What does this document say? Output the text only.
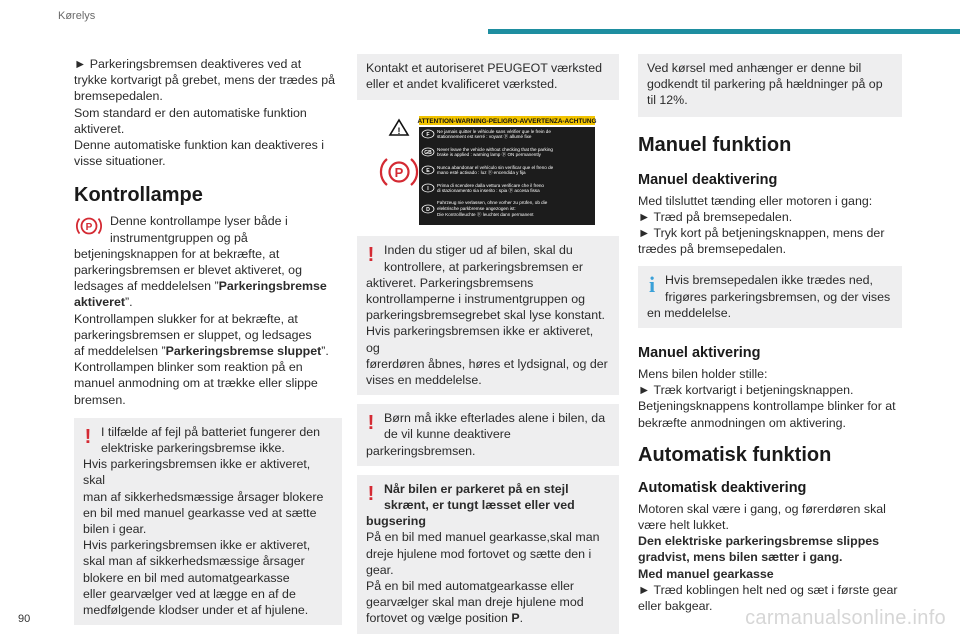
Kørelys

► Parkeringsbremsen deaktiveres ved at

trykke kortvarigt på grebet, mens der trædes på

bremsepedalen.

Som standard er den automatiske funktion

aktiveret.

Denne automatiske funktion kan deaktiveres i

visse situationer.

Kontrollampe
P Denne kontrollampe lyser både i

instrumentgruppen og på

betjeningsknappen for at bekræfte, at

parkeringsbremsen er blevet aktiveret, og

ledsages af meddelelsen ”Parkeringsbremse

aktiveret”.

Kontrollampen slukker for at bekræfte, at

parkeringsbremsen er sluppet, og ledsages

af meddelelsen ”Parkeringsbremse sluppet”.

Kontrollampen blinker som reaktion på en

manuel anmodning om at trække eller slippe

bremsen.

! I tilfælde af fejl på batteriet fungerer den

elektriske parkeringsbremse ikke.

Hvis parkeringsbremsen ikke er aktiveret, skal

man af sikkerhedsmæssige årsager blokere

en bil med manuel gearkasse ved at sætte

bilen i gear.

Hvis parkeringsbremsen ikke er aktiveret,

skal man af sikkerhedsmæssige årsager

blokere en bil med automatgearkasse

eller gearvælger ved at lægge en af de

medfølgende klodser under et af hjulene.

Kontakt et autoriseret PEUGEOT værksted

eller et andet kvalificeret værksted.

ATTENTION-WARNING-PELIGRO-AVVERTENZA-ACHTUNG
!
P
F
Ne jamais quitter le véhicule sans vérifier que le frein de
stationnement est serré : voyant ⓟ allumé fixe
GB
Never leave the vehicle without checking that the parking
brake is applied : warning lamp ⓟ ON permanently
E
Nunca abandonar el vehículo sin verificar que el freno de
mano esté activado : luz ⓟ encendida y fija
I
Prima di scendere dalla vettura verificare che il freno
di stazionamento sia inserito : spia ⓟ accesa fissa
D
Fahrzeug nie verlassen, ohne vorher zu prüfen, ob die
elektrische parkbremse angezogen ist:
Die Kontrollleuchte ⓟ leuchtet dann permanent
! Inden du stiger ud af bilen, skal du

kontrollere, at parkeringsbremsen er

aktiveret. Parkeringsbremsens

kontrollamperne i instrumentgruppen og

parkeringsbremsegrebet skal lyse konstant.

Hvis parkeringsbremsen ikke er aktiveret, og

førerdøren åbnes, høres et lydsignal, og der

vises en meddelelse.

! Børn må ikke efterlades alene i bilen, da

de vil kunne deaktivere

parkeringsbremsen.

! Når bilen er parkeret på en stejl

skrænt, er tungt læsset eller ved

bugsering

På en bil med manuel gearkasse,skal man

dreje hjulene mod fortovet og sætte den i

gear.

På en bil med automatgearkasse eller

gearvælger skal man dreje hjulene mod

fortovet og vælge position P.

Ved kørsel med anhænger er denne bil

godkendt til parkering på hældninger på op

til 12%.

Manuel funktion
Manuel deaktivering

Med tilsluttet tænding eller motoren i gang:

► Træd på bremsepedalen.

► Tryk kort på betjeningsknappen, mens der

trædes på bremsepedalen.

i Hvis bremsepedalen ikke trædes ned,

frigøres parkeringsbremsen, og der vises

en meddelelse.

Manuel aktivering

Mens bilen holder stille:

► Træk kortvarigt i betjeningsknappen.

Betjeningsknappens kontrollampe blinker for at

bekræfte anmodningen om aktivering.

Automatisk funktion
Automatisk deaktivering

Motoren skal være i gang, og førerdøren skal

være helt lukket.

Den elektriske parkeringsbremse slippes

gradvist, mens bilen sætter i gang.

Med manuel gearkasse

► Træd koblingen helt ned og sæt i første gear

eller bakgear.

90	carmanualsonline.info
